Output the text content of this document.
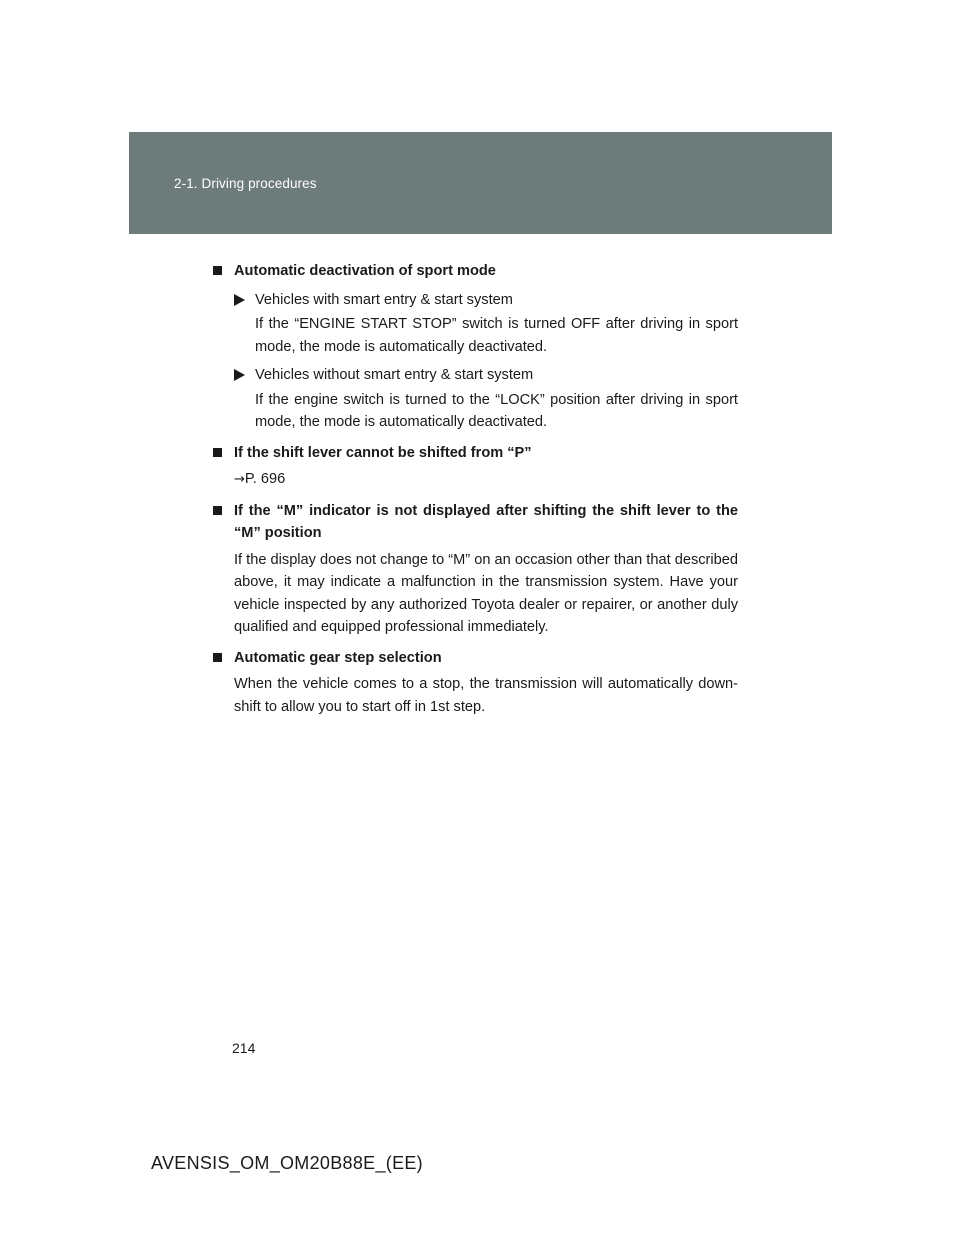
2-1. Driving procedures
Automatic deactivation of sport mode
Vehicles with smart entry & start system
If the “ENGINE START STOP” switch is turned OFF after driving in sport mode, the mode is automatically deactivated.
Vehicles without smart entry & start system
If the engine switch is turned to the “LOCK” position after driving in sport mode, the mode is automatically deactivated.
If the shift lever cannot be shifted from “P”
→P. 696
If the “M” indicator is not displayed after shifting the shift lever to the “M” position
If the display does not change to “M” on an occasion other than that described above, it may indicate a malfunction in the transmission system. Have your vehicle inspected by any authorized Toyota dealer or repairer, or another duly qualified and equipped professional immediately.
Automatic gear step selection
When the vehicle comes to a stop, the transmission will automatically down-shift to allow you to start off in 1st step.
214
AVENSIS_OM_OM20B88E_(EE)
